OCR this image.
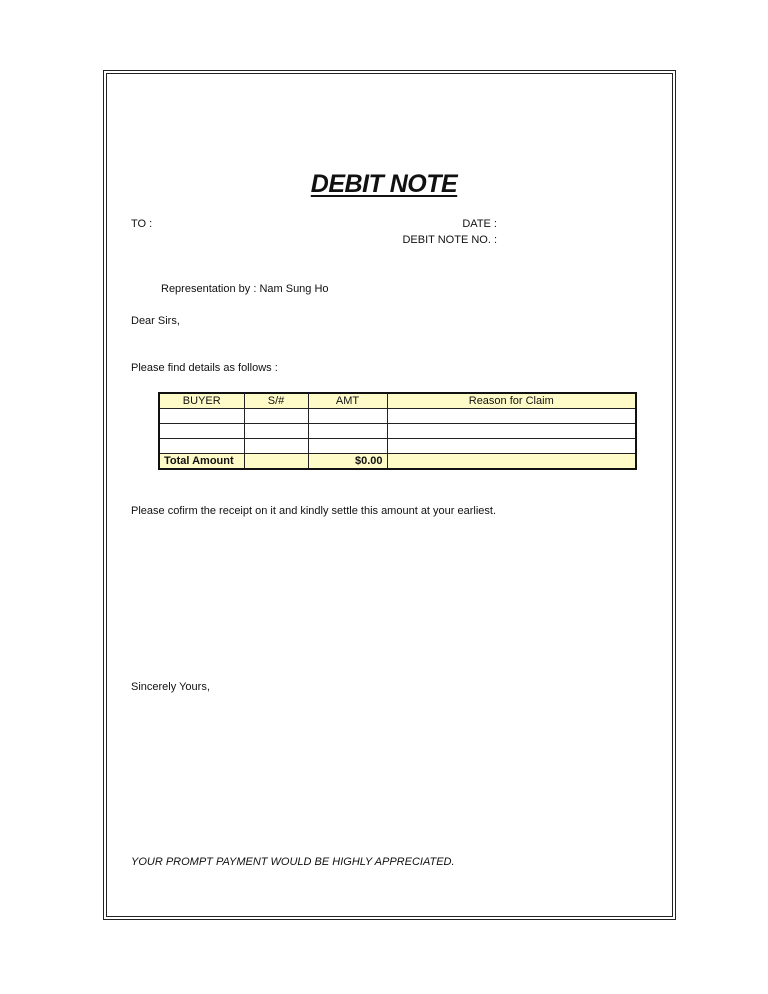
DEBIT NOTE
TO :	DATE :
DEBIT NOTE NO. :
Representation by : Nam Sung Ho
Dear Sirs,
Please find details as follows :
BUYER	S/#	AMT	Reason for Claim

Total Amount		$0.00	
Please cofirm the receipt on it and kindly settle this amount at your earliest.
Sincerely Yours,
YOUR PROMPT PAYMENT WOULD BE HIGHLY APPRECIATED.
